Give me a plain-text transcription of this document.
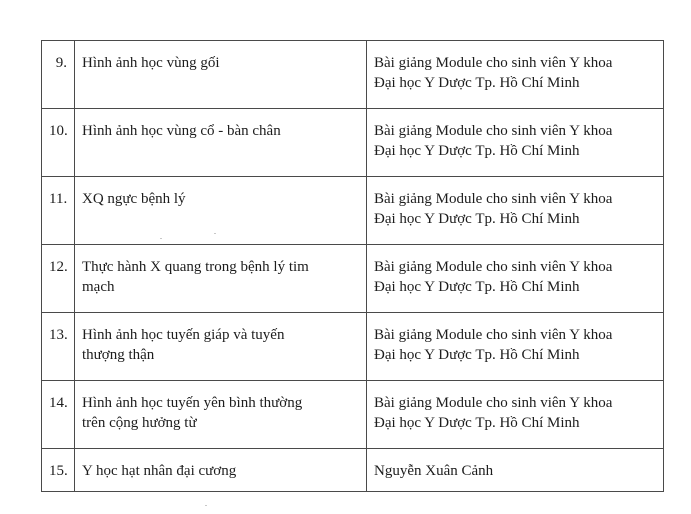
9.	Hình ảnh học vùng gối	Bài giảng Module cho sinh viên Y khoa
Đại học Y Dược Tp. Hồ Chí Minh

10.	Hình ảnh học vùng cổ - bàn chân	Bài giảng Module cho sinh viên Y khoa
Đại học Y Dược Tp. Hồ Chí Minh

11.	XQ ngực bệnh lý	Bài giảng Module cho sinh viên Y khoa
Đại học Y Dược Tp. Hồ Chí Minh

12.	Thực hành X quang trong bệnh lý tim
mạch	Bài giảng Module cho sinh viên Y khoa
Đại học Y Dược Tp. Hồ Chí Minh

13.	Hình ảnh học tuyến giáp và tuyến
thượng thận	Bài giảng Module cho sinh viên Y khoa
Đại học Y Dược Tp. Hồ Chí Minh

14.	Hình ảnh học tuyến yên bình thường
trên cộng hưởng từ	Bài giảng Module cho sinh viên Y khoa
Đại học Y Dược Tp. Hồ Chí Minh

15.	Y học hạt nhân đại cương	Nguyễn Xuân Cảnh
